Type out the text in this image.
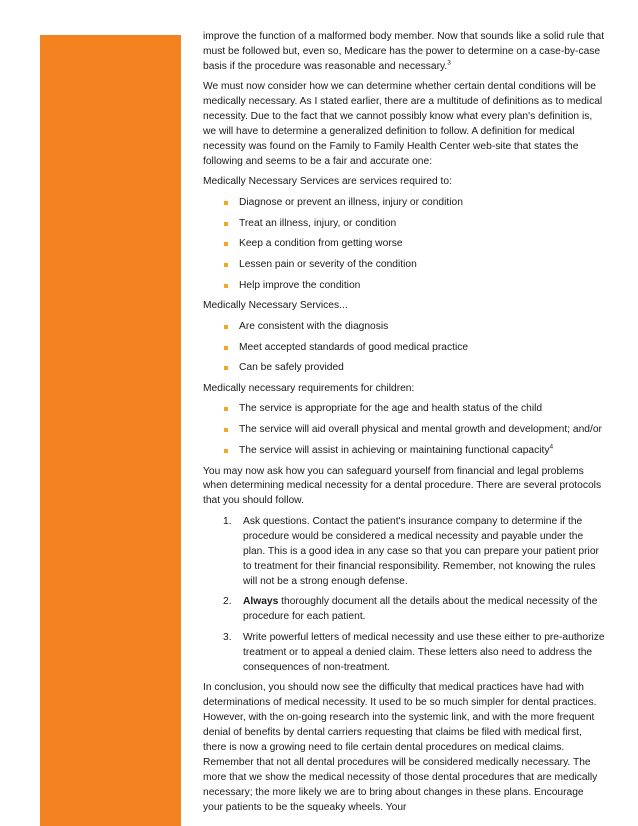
improve the function of a malformed body member. Now that sounds like a solid rule that must be followed but, even so, Medicare has the power to determine on a case-by-case basis if the procedure was reasonable and necessary.$^3$

We must now consider how we can determine whether certain dental conditions will be medically necessary. As I stated earlier, there are a multitude of definitions as to medical necessity. Due to the fact that we cannot possibly know what every plan's definition is, we will have to determine a generalized definition to follow. A definition for medical necessity was found on the Family to Family Health Center web-site that states the following and seems to be a fair and accurate one:

Medically Necessary Services are services required to:

Diagnose or prevent an illness, injury or condition
Treat an illness, injury, or condition
Keep a condition from getting worse
Lessen pain or severity of the condition
Help improve the condition

Medically Necessary Services...

Are consistent with the diagnosis
Meet accepted standards of good medical practice
Can be safely provided

Medically necessary requirements for children:

The service is appropriate for the age and health status of the child
The service will aid overall physical and mental growth and development; and/or
The service will assist in achieving or maintaining functional capacity$^4$

You may now ask how you can safeguard yourself from financial and legal problems when determining medical necessity for a dental procedure. There are several protocols that you should follow.

1. Ask questions. Contact the patient's insurance company to determine if the procedure would be considered a medical necessity and payable under the plan. This is a good idea in any case so that you can prepare your patient prior to treatment for their financial responsibility. Remember, not knowing the rules will not be a strong enough defense.
2. Always thoroughly document all the details about the medical necessity of the procedure for each patient.
3. Write powerful letters of medical necessity and use these either to pre-authorize treatment or to appeal a denied claim. These letters also need to address the consequences of non-treatment.

In conclusion, you should now see the difficulty that medical practices have had with determinations of medical necessity. It used to be so much simpler for dental practices. However, with the on-going research into the systemic link, and with the more frequent denial of benefits by dental carriers requesting that claims be filed with medical first, there is now a growing need to file certain dental procedures on medical claims. Remember that not all dental procedures will be considered medically necessary. The more that we show the medical necessity of those dental procedures that are medically necessary; the more likely we are to bring about changes in these plans. Encourage your patients to be the squeaky wheels. Your
